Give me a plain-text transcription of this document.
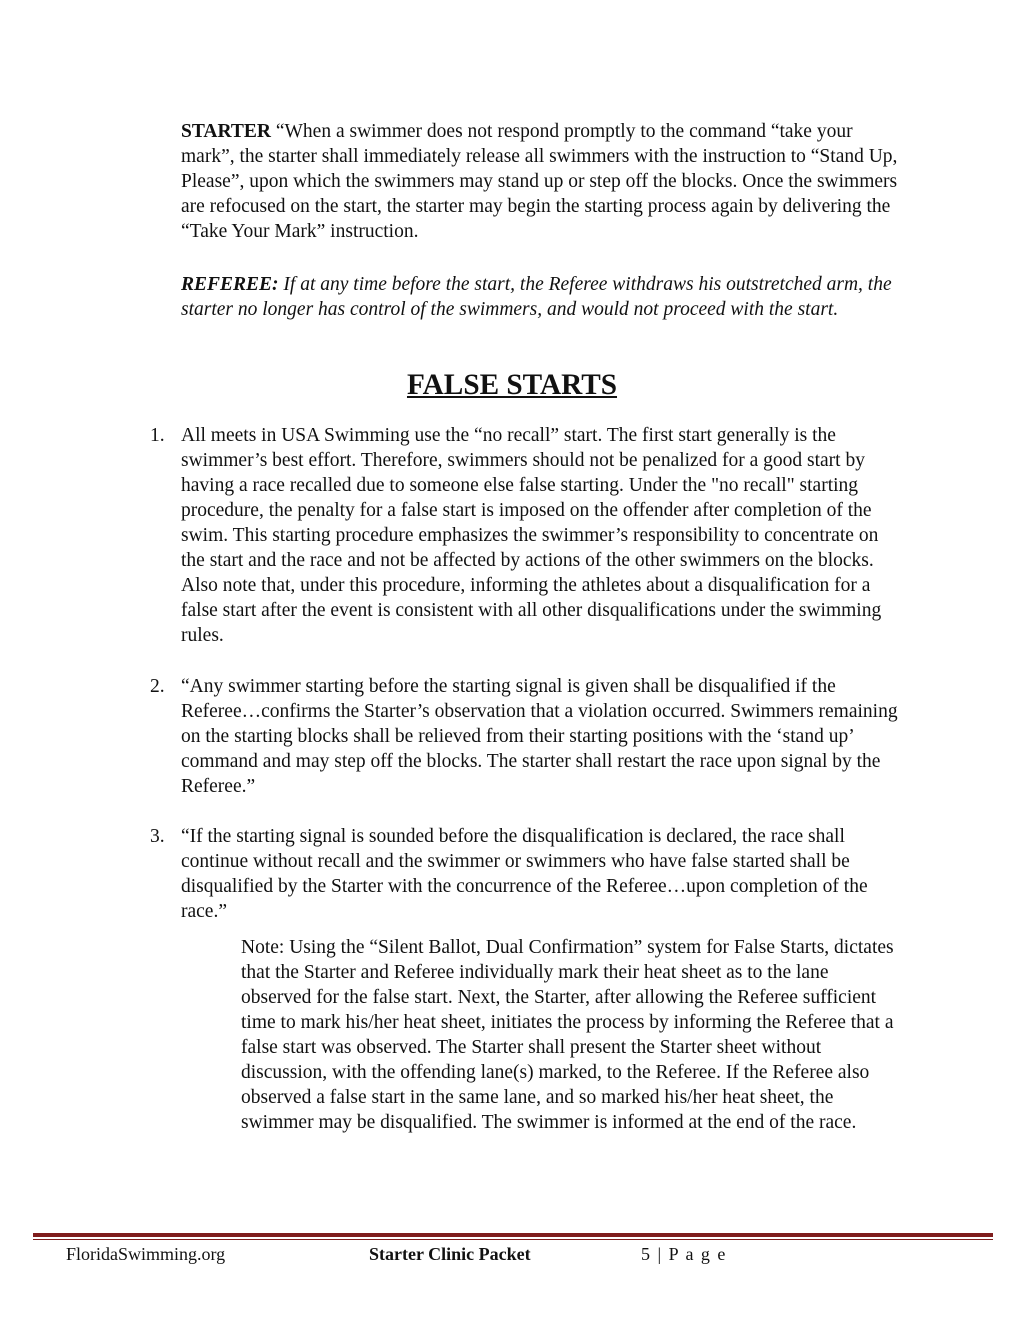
STARTER “When a swimmer does not respond promptly to the command “take your mark”, the starter shall immediately release all swimmers with the instruction to “Stand Up, Please”, upon which the swimmers may stand up or step off the blocks. Once the swimmers are refocused on the start, the starter may begin the starting process again by delivering the “Take Your Mark” instruction.

REFEREE: If at any time before the start, the Referee withdraws his outstretched arm, the starter no longer has control of the swimmers, and would not proceed with the start.

FALSE STARTS
1. All meets in USA Swimming use the “no recall” start. The first start generally is the swimmer’s best effort. Therefore, swimmers should not be penalized for a good start by having a race recalled due to someone else false starting. Under the "no recall" starting procedure, the penalty for a false start is imposed on the offender after completion of the swim. This starting procedure emphasizes the swimmer’s responsibility to concentrate on the start and the race and not be affected by actions of the other swimmers on the blocks. Also note that, under this procedure, informing the athletes about a disqualification for a false start after the event is consistent with all other disqualifications under the swimming rules.
2. “Any swimmer starting before the starting signal is given shall be disqualified if the Referee…confirms the Starter’s observation that a violation occurred. Swimmers remaining on the starting blocks shall be relieved from their starting positions with the ‘stand up’ command and may step off the blocks. The starter shall restart the race upon signal by the Referee.”
3. “If the starting signal is sounded before the disqualification is declared, the race shall continue without recall and the swimmer or swimmers who have false started shall be disqualified by the Starter with the concurrence of the Referee…upon completion of the race.”

Note: Using the “Silent Ballot, Dual Confirmation” system for False Starts, dictates that the Starter and Referee individually mark their heat sheet as to the lane observed for the false start. Next, the Starter, after allowing the Referee sufficient time to mark his/her heat sheet, initiates the process by informing the Referee that a false start was observed. The Starter shall present the Starter sheet without discussion, with the offending lane(s) marked, to the Referee. If the Referee also observed a false start in the same lane, and so marked his/her heat sheet, the swimmer may be disqualified. The swimmer is informed at the end of the race.

FloridaSwimming.org	Starter Clinic Packet	5 | P a g e
